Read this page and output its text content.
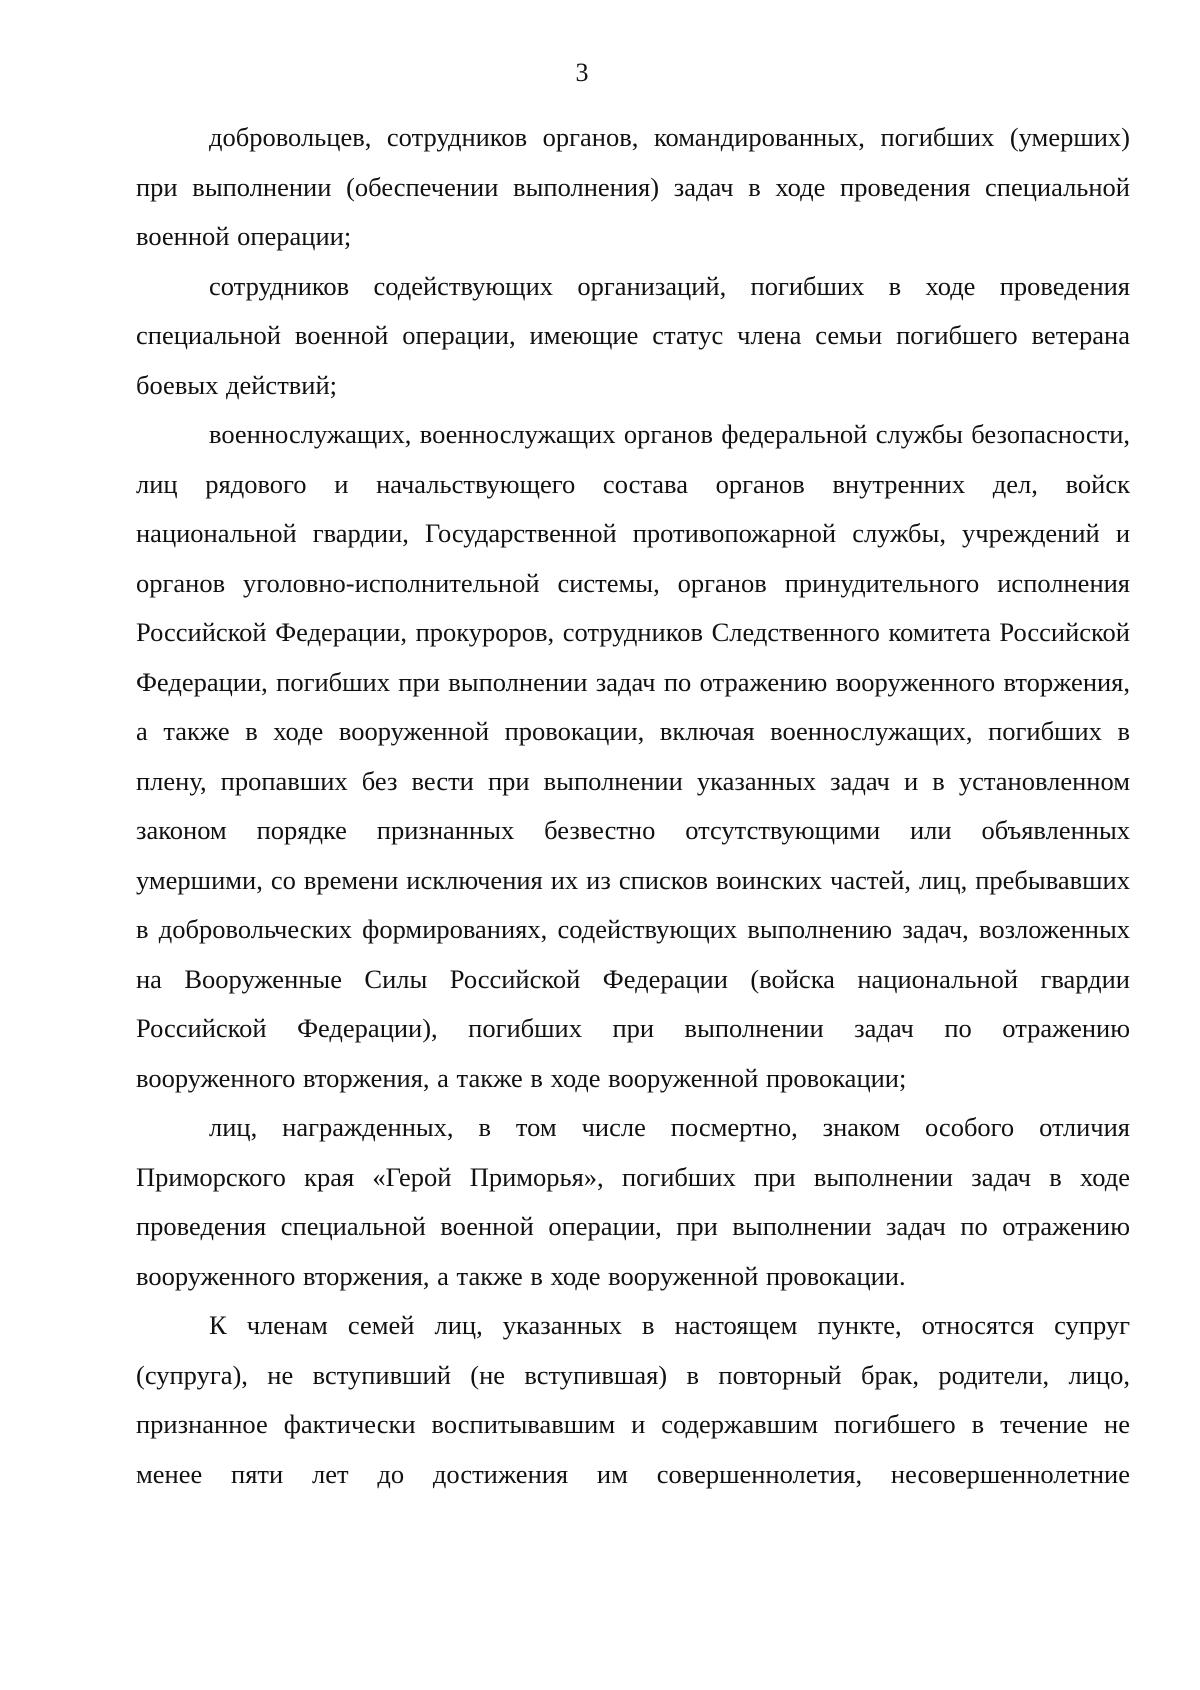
3

добровольцев, сотрудников органов, командированных, погибших (умерших) при выполнении (обеспечении выполнения) задач в ходе проведения специальной военной операции;

сотрудников содействующих организаций, погибших в ходе проведения специальной военной операции, имеющие статус члена семьи погибшего ветерана боевых действий;

военнослужащих, военнослужащих органов федеральной службы безопасности, лиц рядового и начальствующего состава органов внутренних дел, войск национальной гвардии, Государственной противопожарной службы, учреждений и органов уголовно-исполнительной системы, органов принудительного исполнения Российской Федерации, прокуроров, сотрудников Следственного комитета Российской Федерации, погибших при выполнении задач по отражению вооруженного вторжения, а также в ходе вооруженной провокации, включая военнослужащих, погибших в плену, пропавших без вести при выполнении указанных задач и в установленном законом порядке признанных безвестно отсутствующими или объявленных умершими, со времени исключения их из списков воинских частей, лиц, пребывавших в добровольческих формированиях, содействующих выполнению задач, возложенных на Вооруженные Силы Российской Федерации (войска национальной гвардии Российской Федерации), погибших при выполнении задач по отражению вооруженного вторжения, а также в ходе вооруженной провокации;

лиц, награжденных, в том числе посмертно, знаком особого отличия Приморского края «Герой Приморья», погибших при выполнении задач в ходе проведения специальной военной операции, при выполнении задач по отражению вооруженного вторжения, а также в ходе вооруженной провокации.

К членам семей лиц, указанных в настоящем пункте, относятся супруг (супруга), не вступивший (не вступившая) в повторный брак, родители, лицо, признанное фактически воспитывавшим и содержавшим погибшего в течение не менее пяти лет до достижения им совершеннолетия, несовершеннолетние
